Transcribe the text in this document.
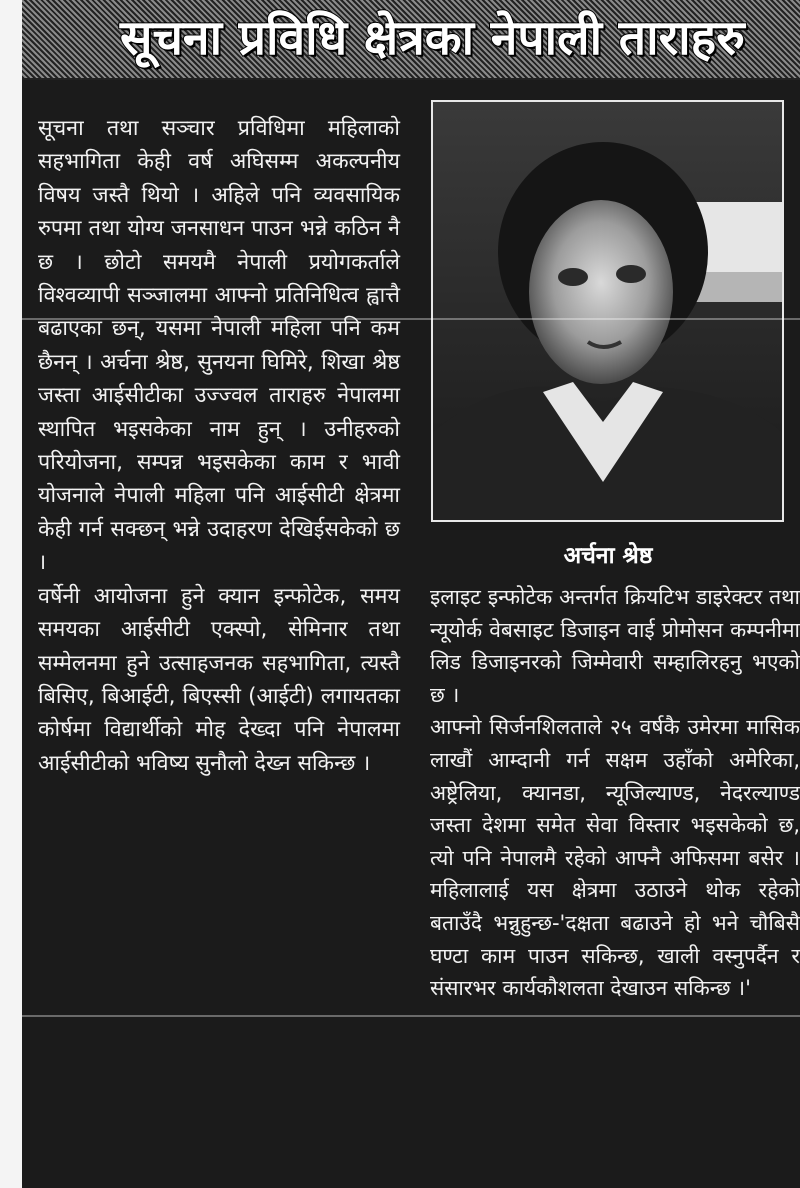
सूचना प्रविधि क्षेत्रका नेपाली ताराहरु

सूचना तथा सञ्चार प्रविधिमा महिलाको सहभागिता केही वर्ष अघिसम्म अकल्पनीय विषय जस्तै थियो । अहिले पनि व्यवसायिक रुपमा तथा योग्य जनसाधन पाउन भन्ने कठिन नै छ । छोटो समयमै नेपाली प्रयोगकर्ताले विश्वव्यापी सञ्जालमा आफ्नो प्रतिनिधित्व ह्वात्तै बढाएका छन्, यसमा नेपाली महिला पनि कम छैनन् । अर्चना श्रेष्ठ, सुनयना घिमिरे, शिखा श्रेष्ठ जस्ता आईसीटीका उज्ज्वल ताराहरु नेपालमा स्थापित भइसकेका नाम हुन् । उनीहरुको परियोजना, सम्पन्न भइसकेका काम र भावी योजनाले नेपाली महिला पनि आईसीटी क्षेत्रमा केही गर्न सक्छन् भन्ने उदाहरण देखिईसकेको छ ।

वर्षेनी आयोजना हुने क्यान इन्फोटेक, समय समयका आईसीटी एक्स्पो, सेमिनार तथा सम्मेलनमा हुने उत्साहजनक सहभागिता, त्यस्तै बिसिए, बिआईटी, बिएस्सी (आईटी) लगायतका कोर्षमा विद्यार्थीको मोह देख्दा पनि नेपालमा आईसीटीको भविष्य सुनौलो देख्न सकिन्छ ।

अर्चना श्रेष्ठ

इलाइट इन्फोटेक अन्तर्गत क्रियटिभ डाइरेक्टर तथा न्यूयोर्क वेबसाइट डिजाइन वाई प्रोमोसन कम्पनीमा लिड डिजाइनरको जिम्मेवारी सम्हालिरहनु भएको छ ।

आफ्नो सिर्जनशिलताले २५ वर्षकै उमेरमा मासिक लाखौं आम्दानी गर्न सक्षम उहाँको अमेरिका, अष्ट्रेलिया, क्यानडा, न्यूजिल्याण्ड, नेदरल्याण्ड जस्ता देशमा समेत सेवा विस्तार भइसकेको छ, त्यो पनि नेपालमै रहेको आफ्नै अफिसमा बसेर । महिलालाई यस क्षेत्रमा उठाउने थोक रहेको बताउँदै भन्नुहुन्छ-'दक्षता बढाउने हो भने चौबिसै घण्टा काम पाउन सकिन्छ, खाली वस्नुपर्दैन र संसारभर कार्यकौशलता देखाउन सकिन्छ ।'
